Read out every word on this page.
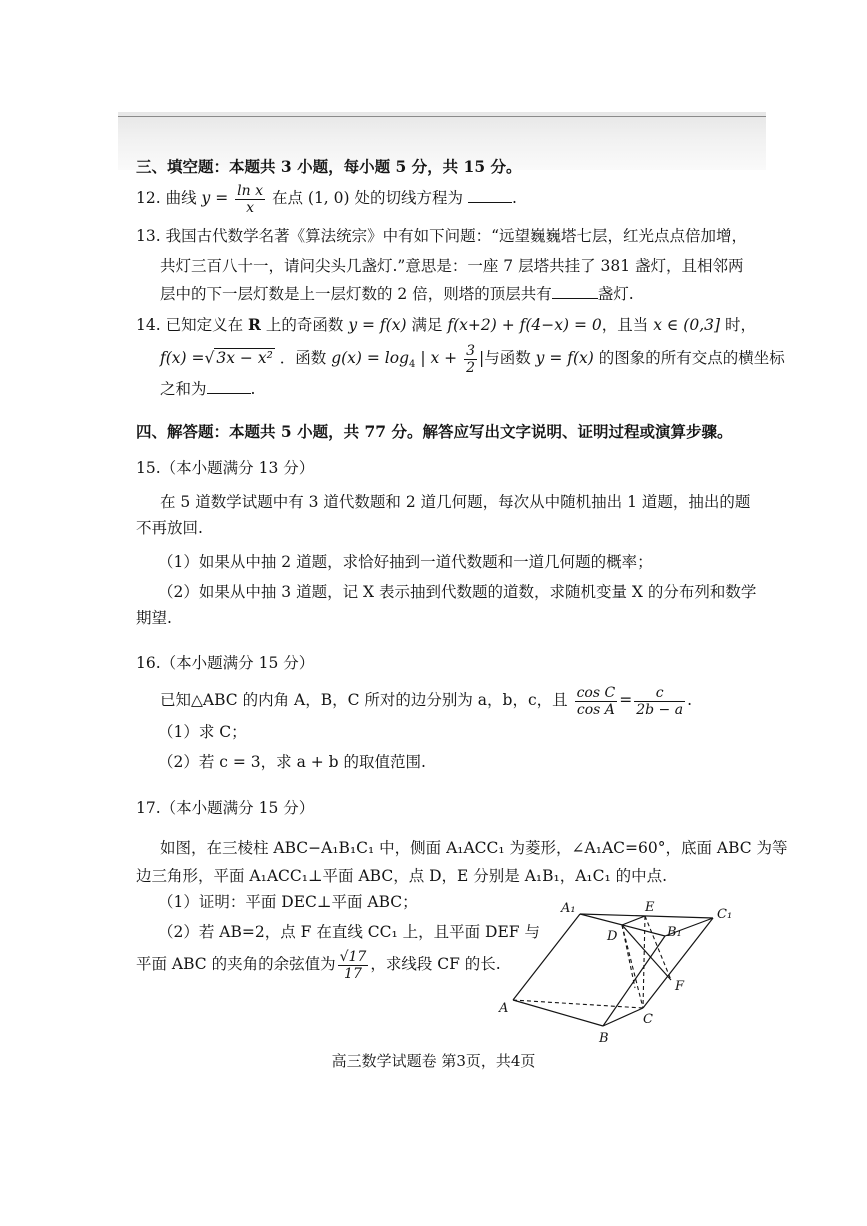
三、填空题：本题共 3 小题，每小题 5 分，共 15 分。
12. 曲线 $y = \frac{\text{ln x}}{x}$ 在点 (1, 0) 处的切线方程为	.
13. 我国古代数学名著《算法统宗》中有如下问题：“远望巍巍塔七层，红光点点倍加增，
共灯三百八十一，请问尖头几盏灯.”意思是：一座 7 层塔共挂了 381 盏灯，且相邻两
层中的下一层灯数是上一层灯数的 2 倍，则塔的顶层共有	盏灯.
14. 已知定义在 R 上的奇函数 y = f(x) 满足 f(x+2) + f(4−x) = 0，且当 x ∈ (0,3] 时，
f(x) =√ 3x − x² ．函数 $g(x) = \log_4$ | $x + \frac{3}{2}$ |与函数 y = f(x) 的图象的所有交点的横坐标
之和为	.
四、解答题：本题共 5 小题，共 77 分。解答应写出文字说明、证明过程或演算步骤。
15.（本小题满分 13 分）
在 5 道数学试题中有 3 道代数题和 2 道几何题，每次从中随机抽出 1 道题，抽出的题
不再放回.
（1）如果从中抽 2 道题，求恰好抽到一道代数题和一道几何题的概率；
（2）如果从中抽 3 道题，记 X 表示抽到代数题的道数，求随机变量 X 的分布列和数学
期望.
16.（本小题满分 15 分）
已知△ABC 的内角 A，B，C 所对的边分别为 a，b，c，且 $\frac{\text{cos C}}{\text{cos A}} = \frac{c}{2b - a}$ .
（1）求 C；
（2）若 c = 3，求 a + b 的取值范围.
17.（本小题满分 15 分）
如图，在三棱柱 ABC−A₁B₁C₁ 中，侧面 A₁ACC₁ 为菱形，∠A₁AC=60°，底面 ABC 为等
边三角形，平面 A₁ACC₁⊥平面 ABC，点 D，E 分别是 A₁B₁，A₁C₁ 的中点.
（1）证明：平面 DEC⊥平面 ABC；
（2）若 AB=2，点 F 在直线 CC₁ 上，且平面 DEF 与
平面 ABC 的夹角的余弦值为 $\frac{√17}{17}$ ，求线段 CF 的长.
A₁	E	C₁
D	B₁
F
A
C
B
高三数学试题卷 第3页，共4页
